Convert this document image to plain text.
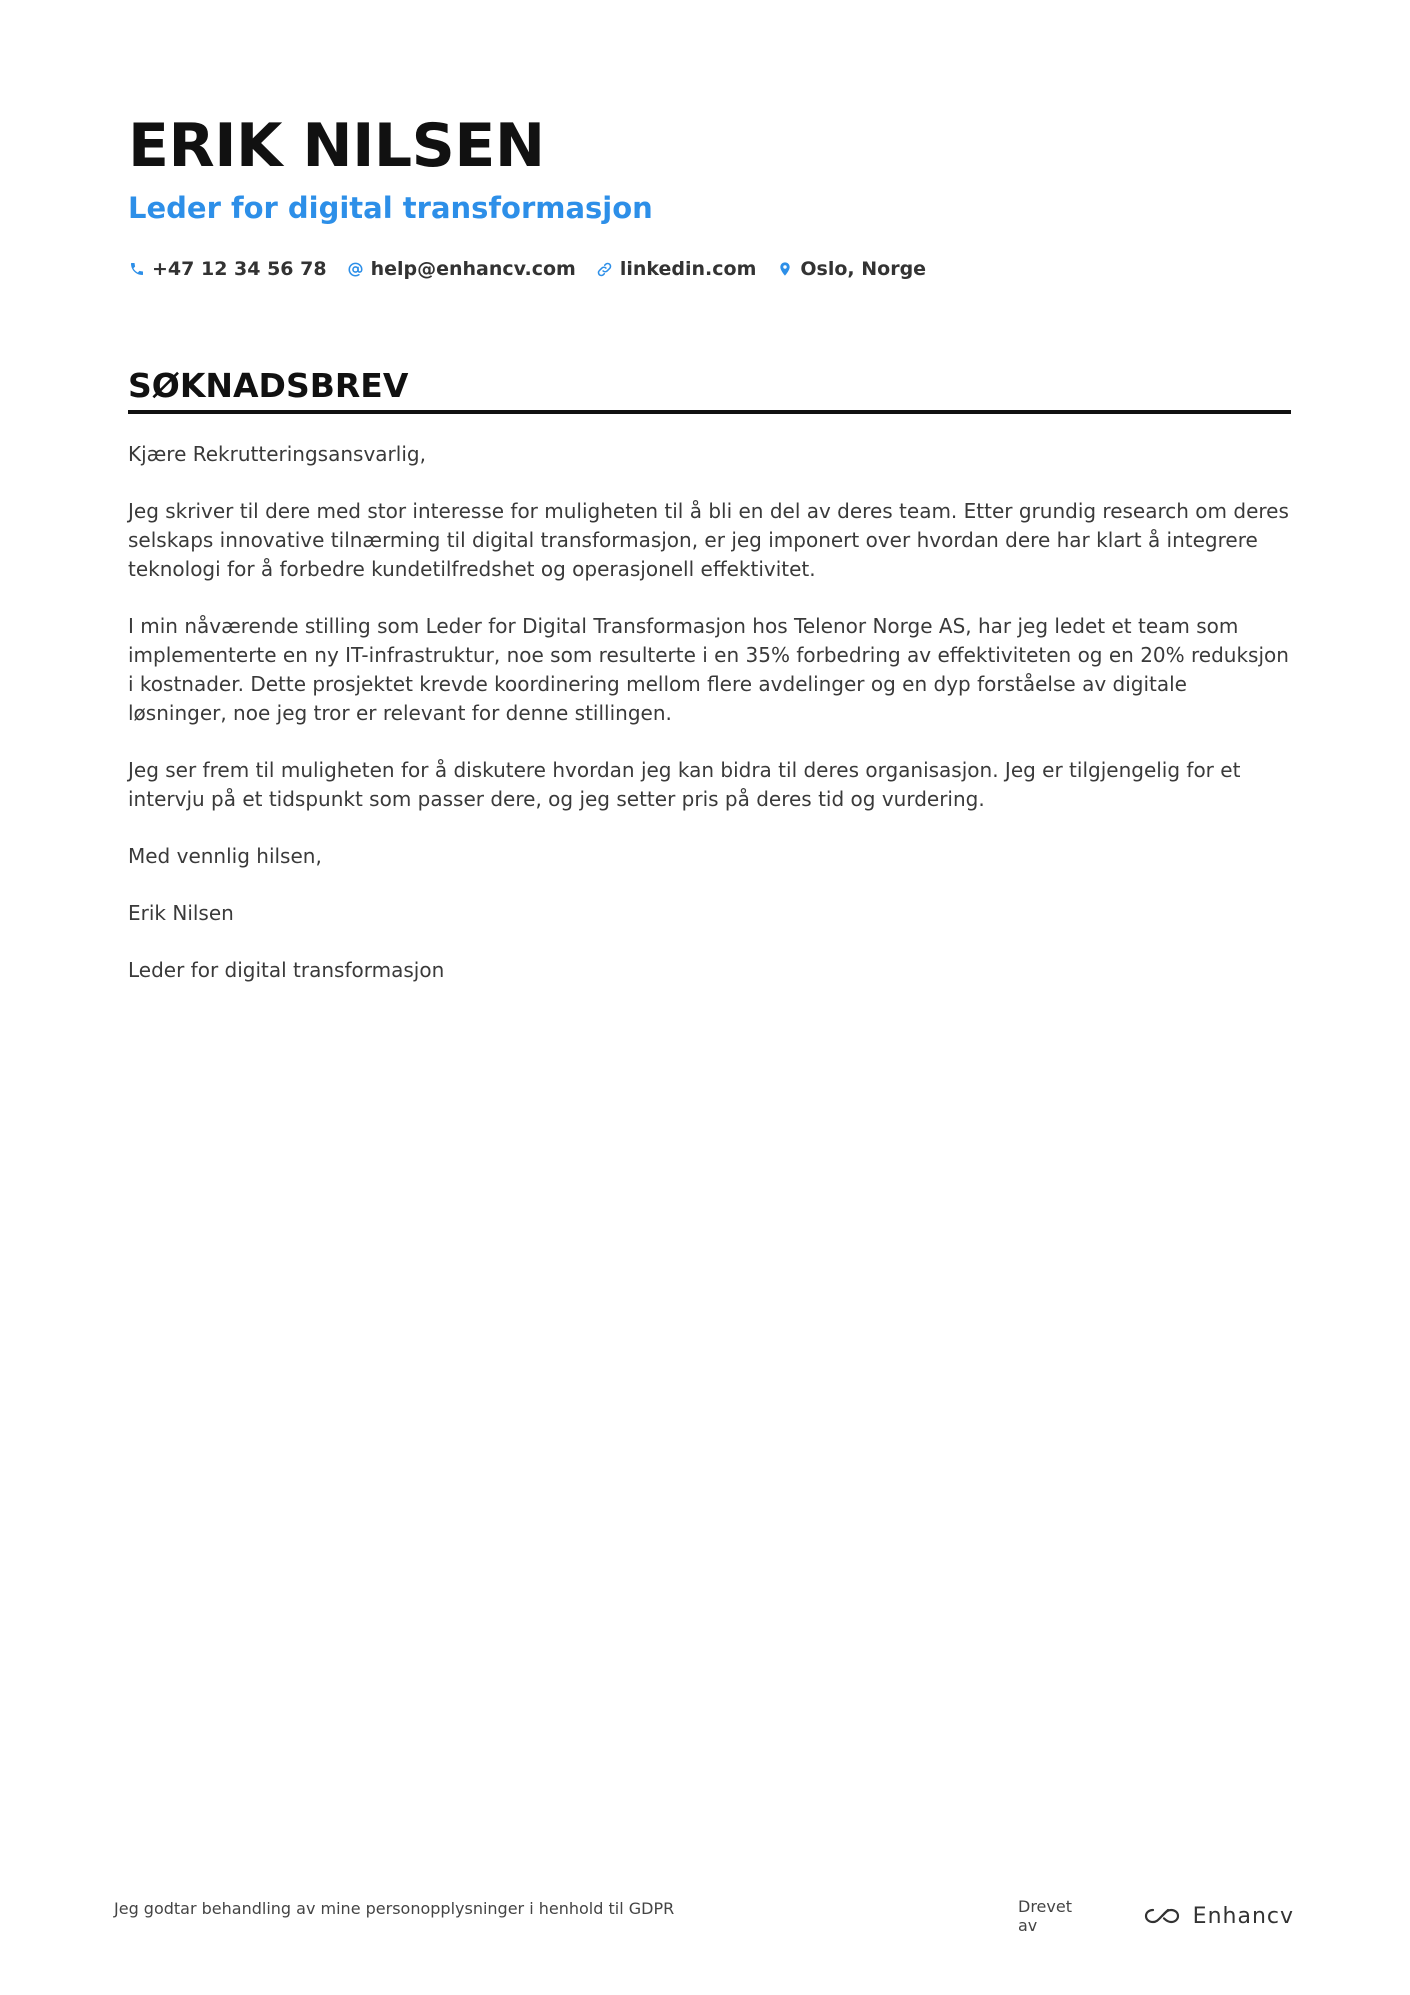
ERIK NILSEN
Leder for digital transformasjon
+47 12 34 56 78 help@enhancv.com linkedin.com Oslo, Norge
SØKNADSBREV

Kjære Rekrutteringsansvarlig,

Jeg skriver til dere med stor interesse for muligheten til å bli en del av deres team. Etter grundig research om deres selskaps innovative tilnærming til digital transformasjon, er jeg imponert over hvordan dere har klart å integrere teknologi for å forbedre kundetilfredshet og operasjonell effektivitet.

I min nåværende stilling som Leder for Digital Transformasjon hos Telenor Norge AS, har jeg ledet et team som implementerte en ny IT-infrastruktur, noe som resulterte i en 35% forbedring av effektiviteten og en 20% reduksjon i kostnader. Dette prosjektet krevde koordinering mellom flere avdelinger og en dyp forståelse av digitale løsninger, noe jeg tror er relevant for denne stillingen.

Jeg ser frem til muligheten for å diskutere hvordan jeg kan bidra til deres organisasjon. Jeg er tilgjengelig for et intervju på et tidspunkt som passer dere, og jeg setter pris på deres tid og vurdering.

Med vennlig hilsen,

Erik Nilsen

Leder for digital transformasjon

Jeg godtar behandling av mine personopplysninger i henhold til GDPR	Drevet av	Enhancv
